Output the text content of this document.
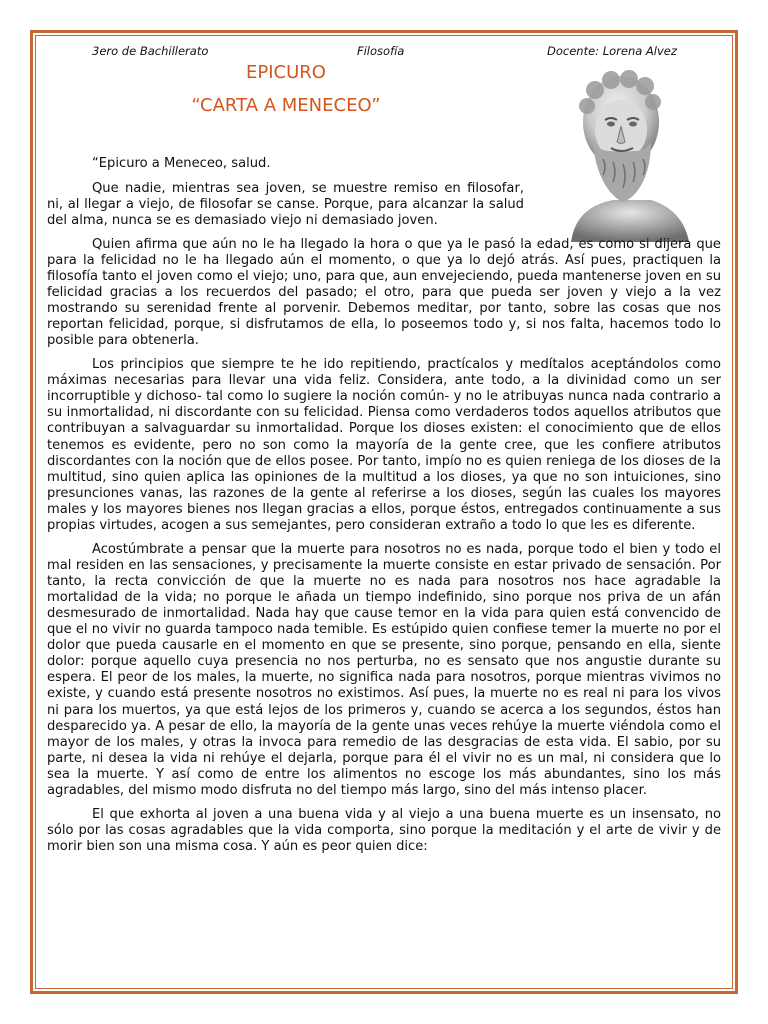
3ero de Bachillerato	Filosofía	Docente: Lorena Alvez
EPICURO
“CARTA A MENECEO”

“Epicuro a Meneceo, salud.

Que nadie, mientras sea joven, se muestre remiso en filosofar, ni, al llegar a viejo, de filosofar se canse. Porque, para alcanzar la salud del alma, nunca se es demasiado viejo ni demasiado joven.

Quien afirma que aún no le ha llegado la hora o que ya le pasó la edad, es como si dijera que para la felicidad no le ha llegado aún el momento, o que ya lo dejó atrás. Así pues, practiquen la filosofía tanto el joven como el viejo; uno, para que, aun envejeciendo, pueda mantenerse joven en su felicidad gracias a los recuerdos del pasado; el otro, para que pueda ser joven y viejo a la vez mostrando su serenidad frente al porvenir. Debemos meditar, por tanto, sobre las cosas que nos reportan felicidad, porque, si disfrutamos de ella, lo poseemos todo y, si nos falta, hacemos todo lo posible para obtenerla.

Los principios que siempre te he ido repitiendo, practícalos y medítalos aceptándolos como máximas necesarias para llevar una vida feliz. Considera, ante todo, a la divinidad como un ser incorruptible y dichoso- tal como lo sugiere la noción común- y no le atribuyas nunca nada contrario a su inmortalidad, ni discordante con su felicidad. Piensa como verdaderos todos aquellos atributos que contribuyan a salvaguardar su inmortalidad. Porque los dioses existen: el conocimiento que de ellos tenemos es evidente, pero no son como la mayoría de la gente cree, que les confiere atributos discordantes con la noción que de ellos posee. Por tanto, impío no es quien reniega de los dioses de la multitud, sino quien aplica las opiniones de la multitud a los dioses, ya que no son intuiciones, sino presunciones vanas, las razones de la gente al referirse a los dioses, según las cuales los mayores males y los mayores bienes nos llegan gracias a ellos, porque éstos, entregados continuamente a sus propias virtudes, acogen a sus semejantes, pero consideran extraño a todo lo que les es diferente.

Acostúmbrate a pensar que la muerte para nosotros no es nada, porque todo el bien y todo el mal residen en las sensaciones, y precisamente la muerte consiste en estar privado de sensación. Por tanto, la recta convicción de que la muerte no es nada para nosotros nos hace agradable la mortalidad de la vida; no porque le añada un tiempo indefinido, sino porque nos priva de un afán desmesurado de inmortalidad. Nada hay que cause temor en la vida para quien está convencido de que el no vivir no guarda tampoco nada temible. Es estúpido quien confiese temer la muerte no por el dolor que pueda causarle en el momento en que se presente, sino porque, pensando en ella, siente dolor: porque aquello cuya presencia no nos perturba, no es sensato que nos angustie durante su espera. El peor de los males, la muerte, no significa nada para nosotros, porque mientras vivimos no existe, y cuando está presente nosotros no existimos. Así pues, la muerte no es real ni para los vivos ni para los muertos, ya que está lejos de los primeros y, cuando se acerca a los segundos, éstos han desparecido ya. A pesar de ello, la mayoría de la gente unas veces rehúye la muerte viéndola como el mayor de los males, y otras la invoca para remedio de las desgracias de esta vida. El sabio, por su parte, ni desea la vida ni rehúye el dejarla, porque para él el vivir no es un mal, ni considera que lo sea la muerte. Y así como de entre los alimentos no escoge los más abundantes, sino los más agradables, del mismo modo disfruta no del tiempo más largo, sino del más intenso placer.

El que exhorta al joven a una buena vida y al viejo a una buena muerte es un insensato, no sólo por las cosas agradables que la vida comporta, sino porque la meditación y el arte de vivir y de morir bien son una misma cosa. Y aún es peor quien dice:
